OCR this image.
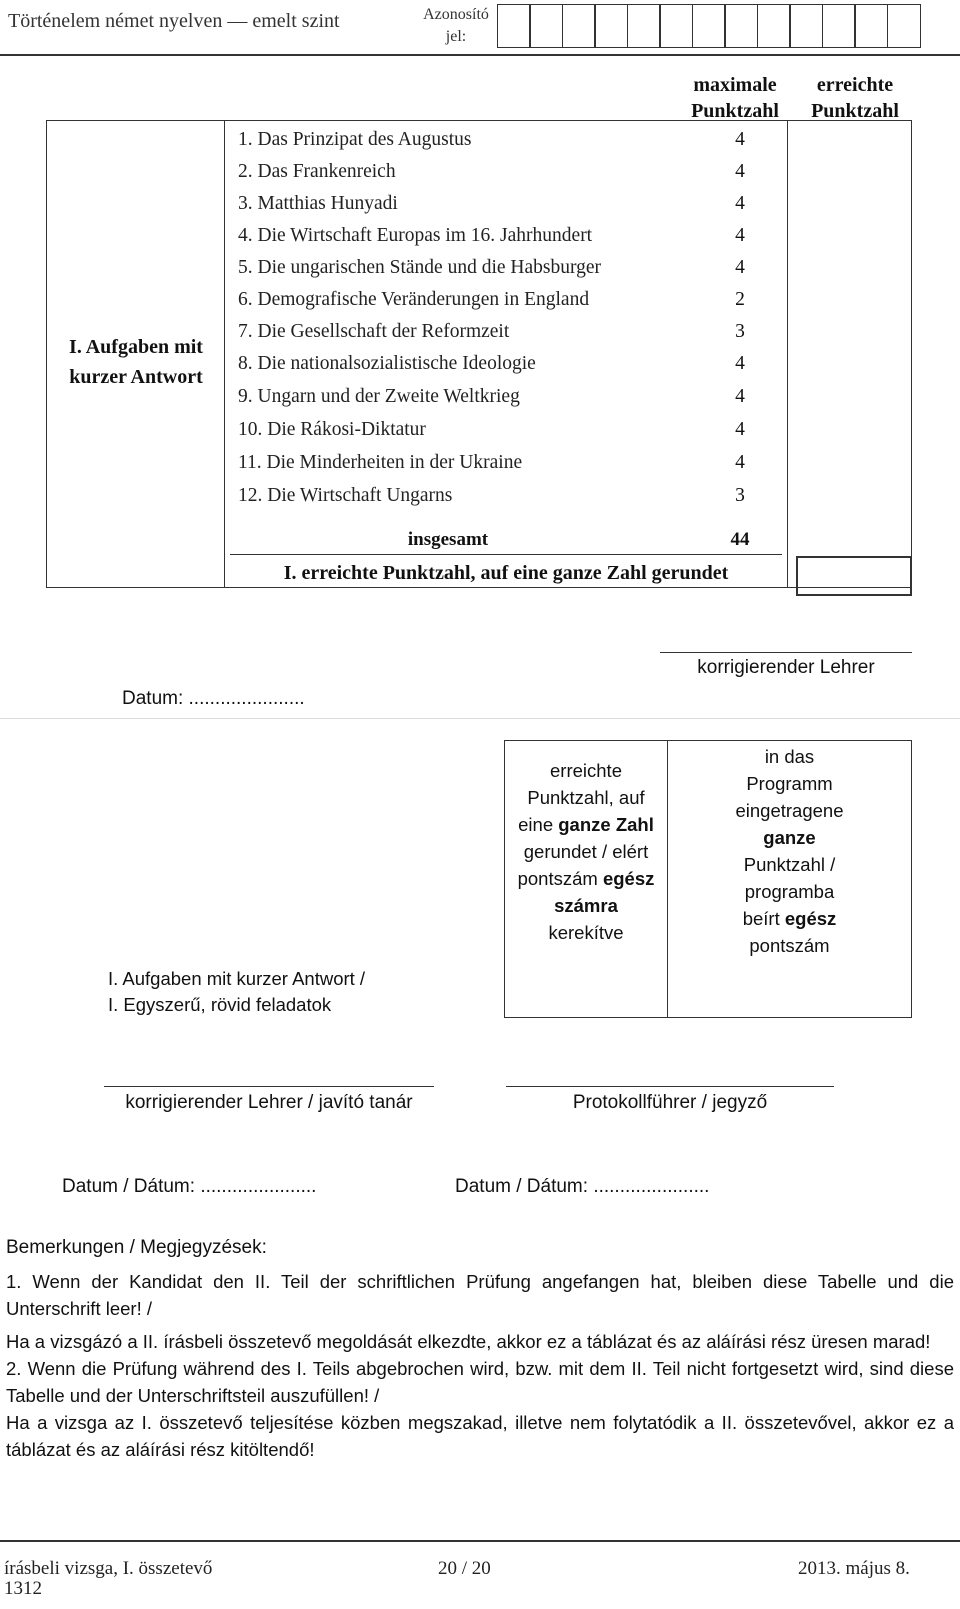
Történelem német nyelven — emelt szint	Azonosító jel:
maximale Punktzahl
erreichte Punktzahl
I. Aufgaben mit kurzer Antwort
1. Das Prinzipat des Augustus	4
2. Das Frankenreich	4
3. Matthias Hunyadi	4
4. Die Wirtschaft Europas im 16. Jahrhundert	4
5. Die ungarischen Stände und die Habsburger	4
6. Demografische Veränderungen in England	2
7. Die Gesellschaft der Reformzeit	3
8. Die nationalsozialistische Ideologie	4
9. Ungarn und der Zweite Weltkrieg	4
10. Die Rákosi-Diktatur	4
11. Die Minderheiten in der Ukraine	4
12. Die Wirtschaft Ungarns	3
insgesamt	44
I. erreichte Punktzahl, auf eine ganze Zahl gerundet
korrigierender Lehrer
Datum: ......................
I. Aufgaben mit kurzer Antwort /
I. Egyszerű, rövid feladatok

erreichte
Punktzahl, auf
eine ganze Zahl
gerundet / elért
pontszám egész
számra
kerekítve

in das
Programm
eingetragene
ganze
Punktzahl /
programba
beírt egész
pontszám
korrigierender Lehrer / javító tanár	Protokollführer / jegyző
Datum / Dátum: ......................	Datum / Dátum: ......................
Bemerkungen / Megjegyzések:

1. Wenn der Kandidat den II. Teil der schriftlichen Prüfung angefangen hat, bleiben diese Tabelle und die Unterschrift leer! /

Ha a vizsgázó a II. írásbeli összetevő megoldását elkezdte, akkor ez a táblázat és az aláírási rész üresen marad!

2. Wenn die Prüfung während des I. Teils abgebrochen wird, bzw. mit dem II. Teil nicht fortgesetzt wird, sind diese Tabelle und der Unterschriftsteil auszufüllen! /

Ha a vizsga az I. összetevő teljesítése közben megszakad, illetve nem folytatódik a II. összetevővel, akkor ez a táblázat és az aláírási rész kitöltendő!

írásbeli vizsga, I. összetevő
1312
20 / 20	2013. május 8.
